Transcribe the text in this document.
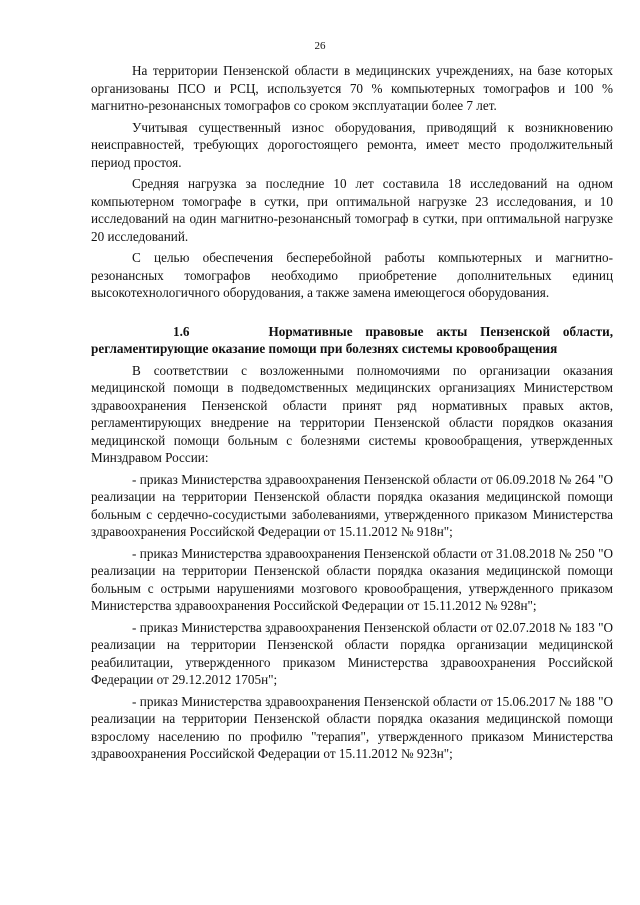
26

На территории Пензенской области в медицинских учреждениях, на базе которых организованы ПСО и РСЦ, используется 70 % компьютерных томографов и 100 % магнитно-резонансных томографов со сроком эксплуатации более 7 лет.

Учитывая существенный износ оборудования, приводящий к возникновению неисправностей, требующих дорогостоящего ремонта, имеет место продолжительный период простоя.

Средняя нагрузка за последние 10 лет составила 18 исследований на одном компьютерном томографе в сутки, при оптимальной нагрузке 23 исследования, и 10 исследований на один магнитно-резонансный томограф в сутки, при оптимальной нагрузке 20 исследований.

С целью обеспечения бесперебойной работы компьютерных и магнитно-резонансных томографов необходимо приобретение дополнительных единиц высокотехнологичного оборудования, а также замена имеющегося оборудования.

1.6	Нормативные правовые акты Пензенской области, регламентирующие оказание помощи при болезнях системы кровообращения

В соответствии с возложенными полномочиями по организации оказания медицинской помощи в подведомственных медицинских организациях Министерством здравоохранения Пензенской области принят ряд нормативных правых актов, регламентирующих внедрение на территории Пензенской области порядков оказания медицинской помощи больным с болезнями системы кровообращения, утвержденных Минздравом России:

- приказ Министерства здравоохранения Пензенской области от 06.09.2018 № 264 "О реализации на территории Пензенской области порядка оказания медицинской помощи больным с сердечно-сосудистыми заболеваниями, утвержденного приказом Министерства здравоохранения Российской Федерации от 15.11.2012 № 918н";

- приказ Министерства здравоохранения Пензенской области от 31.08.2018 № 250 "О реализации на территории Пензенской области порядка оказания медицинской помощи больным с острыми нарушениями мозгового кровообращения, утвержденного приказом Министерства здравоохранения Российской Федерации от 15.11.2012 № 928н";

- приказ Министерства здравоохранения Пензенской области от 02.07.2018 № 183 "О реализации на территории Пензенской области порядка организации медицинской реабилитации, утвержденного приказом Министерства здравоохранения Российской Федерации от 29.12.2012 1705н";

- приказ Министерства здравоохранения Пензенской области от 15.06.2017 № 188 "О реализации на территории Пензенской области порядка оказания медицинской помощи взрослому населению по профилю "терапия", утвержденного приказом Министерства здравоохранения Российской Федерации от 15.11.2012 № 923н";
